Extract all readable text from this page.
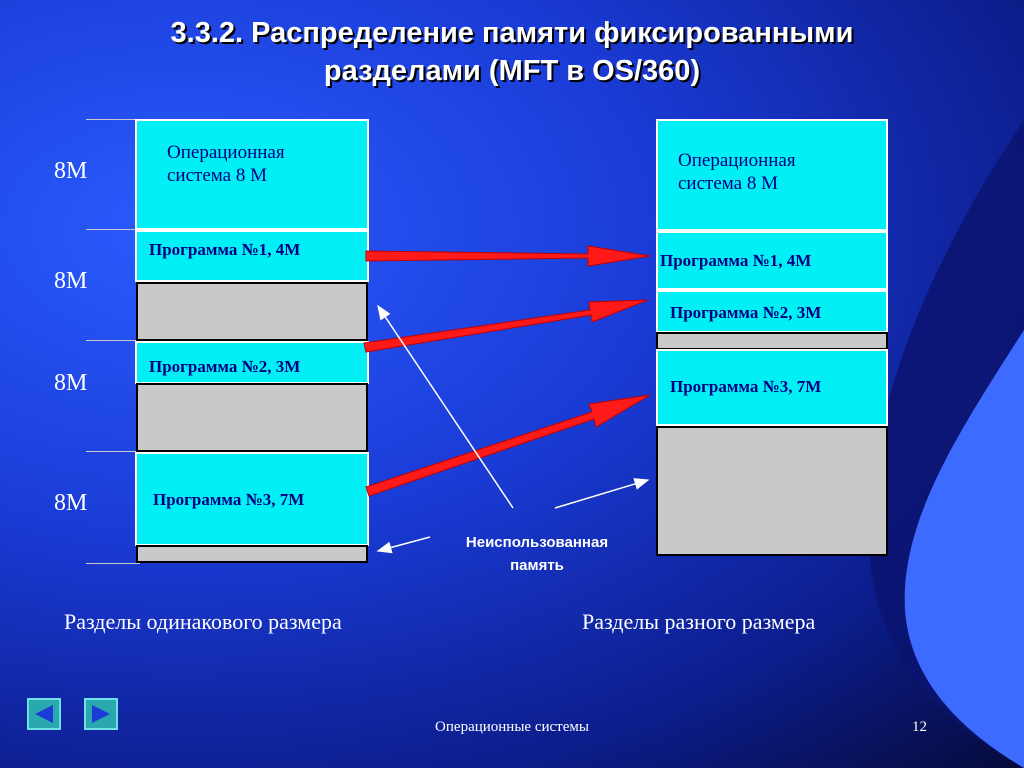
3.3.2. Распределение памяти фиксированными
разделами (MFT в OS/360)
8M
8M
8M
8M
Операционная
система 8 М
Программа №1, 4М
Программа №2, 3М
Программа №3, 7М
Операционная
система 8 М
Программа №1, 4М
Программа №2, 3М
Программа №3, 7М
Неиспользованная
память
Разделы одинакового размера	Разделы разного размера
Операционные системы	12
